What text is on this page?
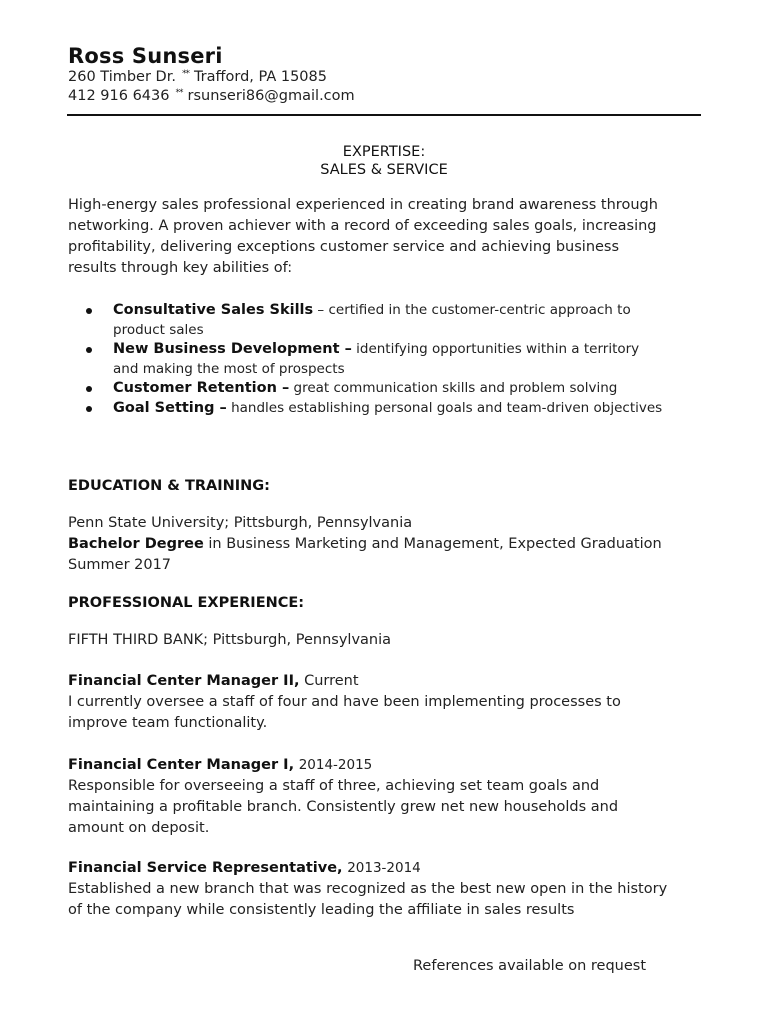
Ross Sunseri
260 Timber Dr. ** Trafford, PA 15085
412 916 6436 ** rsunseri86@gmail.com
EXPERTISE:
SALES & SERVICE
High-energy sales professional experienced in creating brand awareness through networking. A proven achiever with a record of exceeding sales goals, increasing profitability, delivering exceptions customer service and achieving business results through key abilities of:
Consultative Sales Skills – certified in the customer-centric approach to product sales
New Business Development – identifying opportunities within a territory and making the most of prospects
Customer Retention – great communication skills and problem solving
Goal Setting – handles establishing personal goals and team-driven objectives
EDUCATION & TRAINING:
Penn State University; Pittsburgh, Pennsylvania
Bachelor Degree in Business Marketing and Management, Expected Graduation Summer 2017
PROFESSIONAL EXPERIENCE:
FIFTH THIRD BANK; Pittsburgh, Pennsylvania
Financial Center Manager II, Current
I currently oversee a staff of four and have been implementing processes to improve team functionality.
Financial Center Manager I, 2014-2015
Responsible for overseeing a staff of three, achieving set team goals and maintaining a profitable branch. Consistently grew net new households and amount on deposit.
Financial Service Representative, 2013-2014
Established a new branch that was recognized as the best new open in the history of the company while consistently leading the affiliate in sales results
References available on request
